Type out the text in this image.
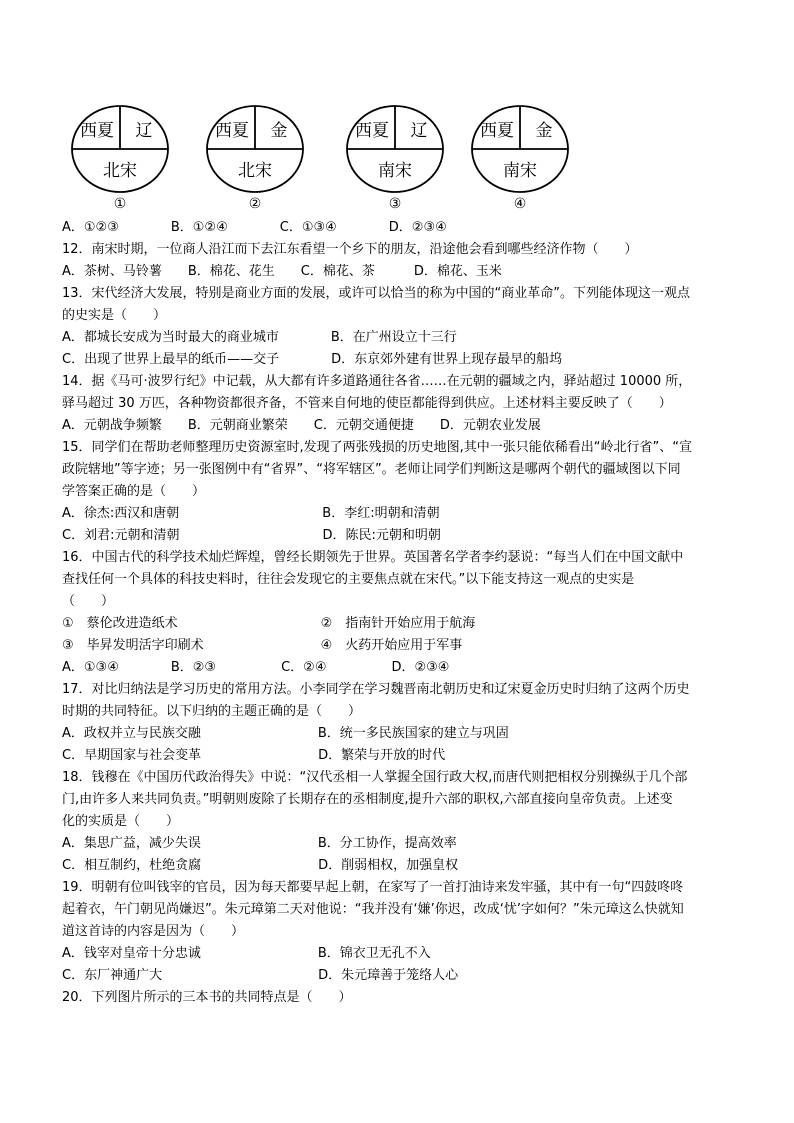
西夏 辽
北宋
①
西夏 金
北宋
②
西夏 辽
南宋
③
西夏 金
南宋
④
A．①②③　　　　B．①②④　　　　C．①③④　　　　D．②③④
12．南宋时期，一位商人沿江而下去江东看望一个乡下的朋友，沿途他会看到哪些经济作物（　　）
A．茶树、马铃薯　　B．棉花、花生　　C．棉花、茶　　　D．棉花、玉米
13．宋代经济大发展，特别是商业方面的发展，或许可以恰当的称为中国的“商业革命”。下列能体现这一观点
的史实是（　　）
A．都城长安成为当时最大的商业城市　　　　B．在广州设立十三行
C．出现了世界上最早的纸币——交子　　　　D．东京郊外建有世界上现存最早的船坞
14．据《马可·波罗行纪》中记载，从大都有许多道路通往各省……在元朝的疆域之内，驿站超过 10000 所，
驿马超过 30 万匹，各种物资都很齐备，不管来自何地的使臣都能得到供应。上述材料主要反映了（　　）
A．元朝战争频繁　　B．元朝商业繁荣　　C．元朝交通便捷　　D．元朝农业发展
15．同学们在帮助老师整理历史资源室时,发现了两张残损的历史地图,其中一张只能依稀看出“岭北行省”、“宣
政院辖地”等字迹；另一张图例中有“省界”、“将军辖区”。老师让同学们判断这是哪两个朝代的疆域图以下同
学答案正确的是（　　）
A．徐杰:西汉和唐朝　　　　　　　　　　　B．李红:明朝和清朝
C．刘君:元朝和清朝　　　　　　　　　　　D．陈民:元朝和明朝
16．中国古代的科学技术灿烂辉煌，曾经长期领先于世界。英国著名学者李约瑟说：“每当人们在中国文献中
查找任何一个具体的科技史料时，往往会发现它的主要焦点就在宋代。”以下能支持这一观点的史实是
（　　）
①　蔡伦改进造纸术　　　　　　　　　　　②　指南针开始应用于航海
③　毕昇发明活字印刷术　　　　　　　　　④　火药开始应用于军事
A．①③④　　　　B．②③　　　　　C．②④　　　　　D．②③④
17．对比归纳法是学习历史的常用方法。小李同学在学习魏晋南北朝历史和辽宋夏金历史时归纳了这两个历史
时期的共同特征。以下归纳的主题正确的是（　　）
A．政权并立与民族交融　　　　　　　　　B．统一多民族国家的建立与巩固
C．早期国家与社会变革　　　　　　　　　D．繁荣与开放的时代
18．钱穆在《中国历代政治得失》中说：“汉代丞相一人掌握全国行政大权,而唐代则把相权分别操纵于几个部
门,由许多人来共同负责。”明朝则废除了长期存在的丞相制度,提升六部的职权,六部直接向皇帝负责。上述变
化的实质是（　　）
A．集思广益，减少失误　　　　　　　　　B．分工协作，提高效率
C．相互制约，杜绝贪腐　　　　　　　　　D．削弱相权，加强皇权
19．明朝有位叫钱宰的官员，因为每天都要早起上朝，在家写了一首打油诗来发牢骚，其中有一句“四鼓咚咚
起着衣，午门朝见尚嫌迟”。朱元璋第二天对他说：“我并没有‘嫌’你迟，改成‘忧’字如何？”朱元璋这么快就知
道这首诗的内容是因为（　　）
A．钱宰对皇帝十分忠诚　　　　　　　　　B．锦衣卫无孔不入
C．东厂神通广大　　　　　　　　　　　　D．朱元璋善于笼络人心
20．下列图片所示的三本书的共同特点是（　　）
